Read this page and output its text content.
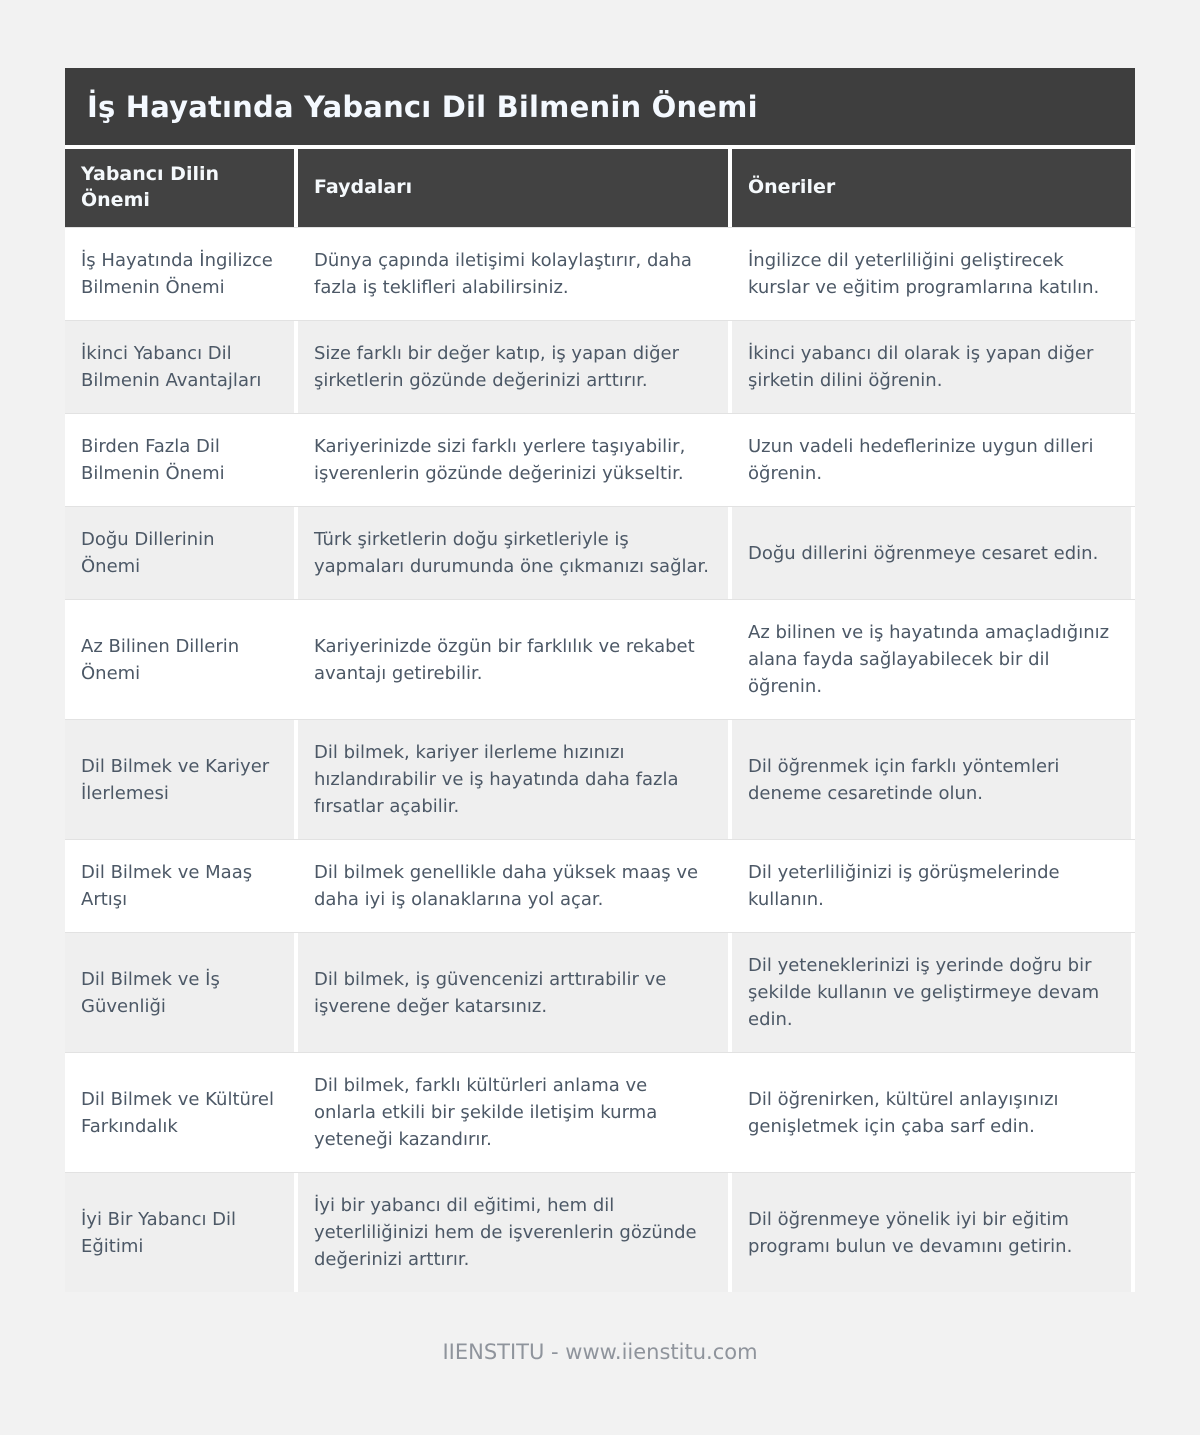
İş Hayatında Yabancı Dil Bilmenin Önemi
Yabancı Dilin Önemi
Faydaları	Öneriler
İş Hayatında İngilizce Bilmenin Önemi
Dünya çapında iletişimi kolaylaştırır, daha fazla iş teklifleri alabilirsiniz.
İngilizce dil yeterliliğini geliştirecek kurslar ve eğitim programlarına katılın.
İkinci Yabancı Dil Bilmenin Avantajları
Size farklı bir değer katıp, iş yapan diğer şirketlerin gözünde değerinizi arttırır.
İkinci yabancı dil olarak iş yapan diğer şirketin dilini öğrenin.
Birden Fazla Dil Bilmenin Önemi
Kariyerinizde sizi farklı yerlere taşıyabilir, işverenlerin gözünde değerinizi yükseltir.
Uzun vadeli hedeflerinize uygun dilleri öğrenin.
Doğu Dillerinin Önemi
Türk şirketlerin doğu şirketleriyle iş yapmaları durumunda öne çıkmanızı sağlar.
Doğu dillerini öğrenmeye cesaret edin.
Az Bilinen Dillerin Önemi
Kariyerinizde özgün bir farklılık ve rekabet avantajı getirebilir.
Az bilinen ve iş hayatında amaçladığınız alana fayda sağlayabilecek bir dil öğrenin.
Dil Bilmek ve Kariyer İlerlemesi
Dil bilmek, kariyer ilerleme hızınızı hızlandırabilir ve iş hayatında daha fazla fırsatlar açabilir.
Dil öğrenmek için farklı yöntemleri deneme cesaretinde olun.
Dil Bilmek ve Maaş Artışı
Dil bilmek genellikle daha yüksek maaş ve daha iyi iş olanaklarına yol açar.
Dil yeterliliğinizi iş görüşmelerinde kullanın.
Dil Bilmek ve İş Güvenliği
Dil bilmek, iş güvencenizi arttırabilir ve işverene değer katarsınız.
Dil yeteneklerinizi iş yerinde doğru bir şekilde kullanın ve geliştirmeye devam edin.
Dil Bilmek ve Kültürel Farkındalık
Dil bilmek, farklı kültürleri anlama ve onlarla etkili bir şekilde iletişim kurma yeteneği kazandırır.
Dil öğrenirken, kültürel anlayışınızı genişletmek için çaba sarf edin.
İyi Bir Yabancı Dil Eğitimi
İyi bir yabancı dil eğitimi, hem dil yeterliliğinizi hem de işverenlerin gözünde değerinizi arttırır.
Dil öğrenmeye yönelik iyi bir eğitim programı bulun ve devamını getirin.
IIENSTITU - www.iienstitu.com
